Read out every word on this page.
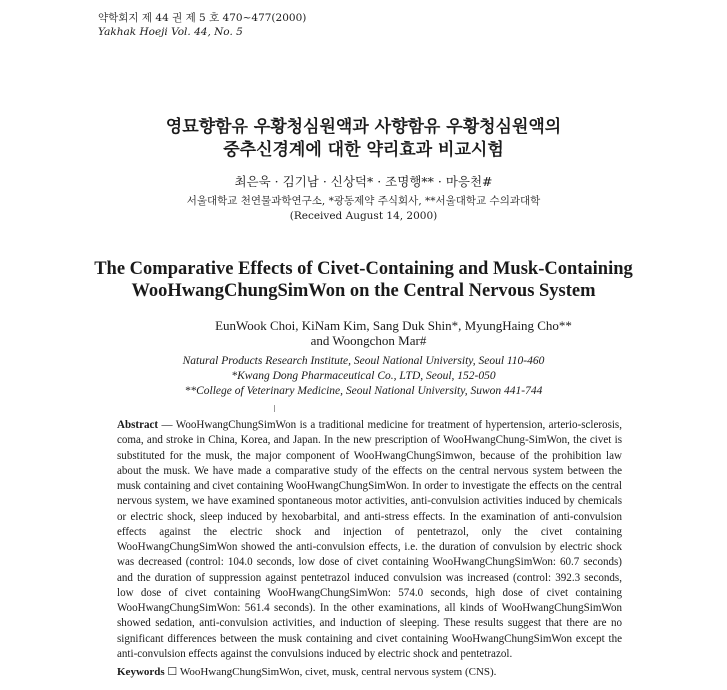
약학회지 제 44 권 제 5 호 470~477(2000)

Yakhak Hoeji Vol. 44, No. 5

영묘향함유 우황청심원액과 사향함유 우황청심원액의
중추신경계에 대한 약리효과 비교시험

최은욱 · 김기남 · 신상덕* · 조명행** · 마응천#

서울대학교 천연물과학연구소, *광동제약 주식회사, **서울대학교 수의과대학

(Received August 14, 2000)

The Comparative Effects of Civet-Containing and Musk-Containing
WooHwangChungSimWon on the Central Nervous System

EunWook Choi, KiNam Kim, Sang Duk Shin*, MyungHaing Cho**

and Woongchon Mar#

Natural Products Research Institute, Seoul National University, Seoul 110-460

*Kwang Dong Pharmaceutical Co., LTD, Seoul, 152-050

**College of Veterinary Medicine, Seoul National University, Suwon 441-744

Abstract — WooHwangChungSimWon is a traditional medicine for treatment of hypertension, arterio-sclerosis, coma, and stroke in China, Korea, and Japan. In the new prescription of WooHwangChung-SimWon, the civet is substituted for the musk, the major component of WooHwangChungSimwon, because of the prohibition law about the musk. We have made a comparative study of the effects on the central nervous system between the musk containing and civet containing WooHwangChungSimWon. In order to investigate the effects on the central nervous system, we have examined spontaneous motor activities, anti-convulsion activities induced by chemicals or electric shock, sleep induced by hexobarbital, and anti-stress effects. In the examination of anti-convulsion effects against the electric shock and injection of pentetrazol, only the civet containing WooHwangChungSimWon showed the anti-convulsion effects, i.e. the duration of convulsion by electric shock was decreased (control: 104.0 seconds, low dose of civet containing WooHwangChungSimWon: 60.7 seconds) and the duration of suppression against pentetrazol induced convulsion was increased (control: 392.3 seconds, low dose of civet containing WooHwangChungSimWon: 574.0 seconds, high dose of civet containing WooHwangChungSimWon: 561.4 seconds). In the other examinations, all kinds of WooHwangChungSimWon showed sedation, anti-convulsion activities, and induction of sleeping. These results suggest that there are no significant differences between the musk containing and civet containing WooHwangChungSimWon except the anti-convulsion effects against the convulsions induced by electric shock and pentetrazol.

Keywords ☐ WooHwangChungSimWon, civet, musk, central nervous system (CNS).
